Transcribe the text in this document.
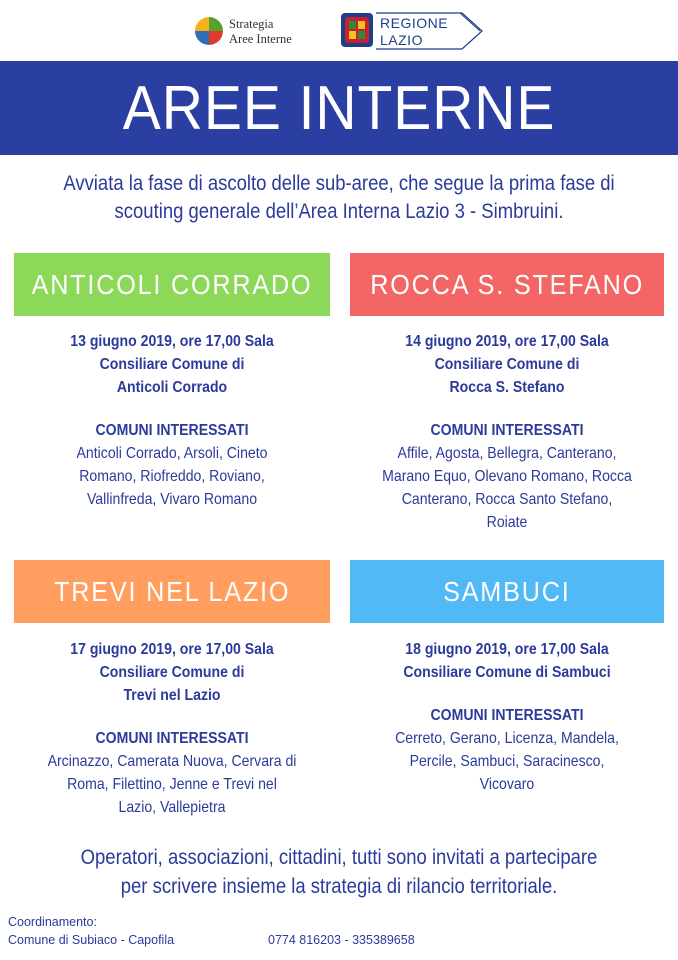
Strategia
Aree Interne
REGIONE
LAZIO
AREE INTERNE
Avviata la fase di ascolto delle sub-aree, che segue la prima fase di
scouting generale dell’Area Interna Lazio 3 - Simbruini.
ANTICOLI CORRADO
13 giugno 2019, ore 17,00 Sala
Consiliare Comune di
Anticoli Corrado
COMUNI INTERESSATI
Anticoli Corrado, Arsoli, Cineto
Romano, Riofreddo, Roviano,
Vallinfreda, Vivaro Romano
ROCCA S. STEFANO
14 giugno 2019, ore 17,00 Sala
Consiliare Comune di
Rocca S. Stefano
COMUNI INTERESSATI
Affile, Agosta, Bellegra, Canterano,
Marano Equo, Olevano Romano, Rocca
Canterano, Rocca Santo Stefano,
Roiate
TREVI NEL LAZIO
17 giugno 2019, ore 17,00 Sala
Consiliare Comune di
Trevi nel Lazio
COMUNI INTERESSATI
Arcinazzo, Camerata Nuova, Cervara di
Roma, Filettino, Jenne e Trevi nel
Lazio, Vallepietra
SAMBUCI
18 giugno 2019, ore 17,00 Sala
Consiliare Comune di Sambuci
COMUNI INTERESSATI
Cerreto, Gerano, Licenza, Mandela,
Percile, Sambuci, Saracinesco,
Vicovaro
Operatori, associazioni, cittadini, tutti sono invitati a partecipare
per scrivere insieme la strategia di rilancio territoriale.
Coordinamento:
Comune di Subiaco - Capofila	0774 816203 - 335389658
